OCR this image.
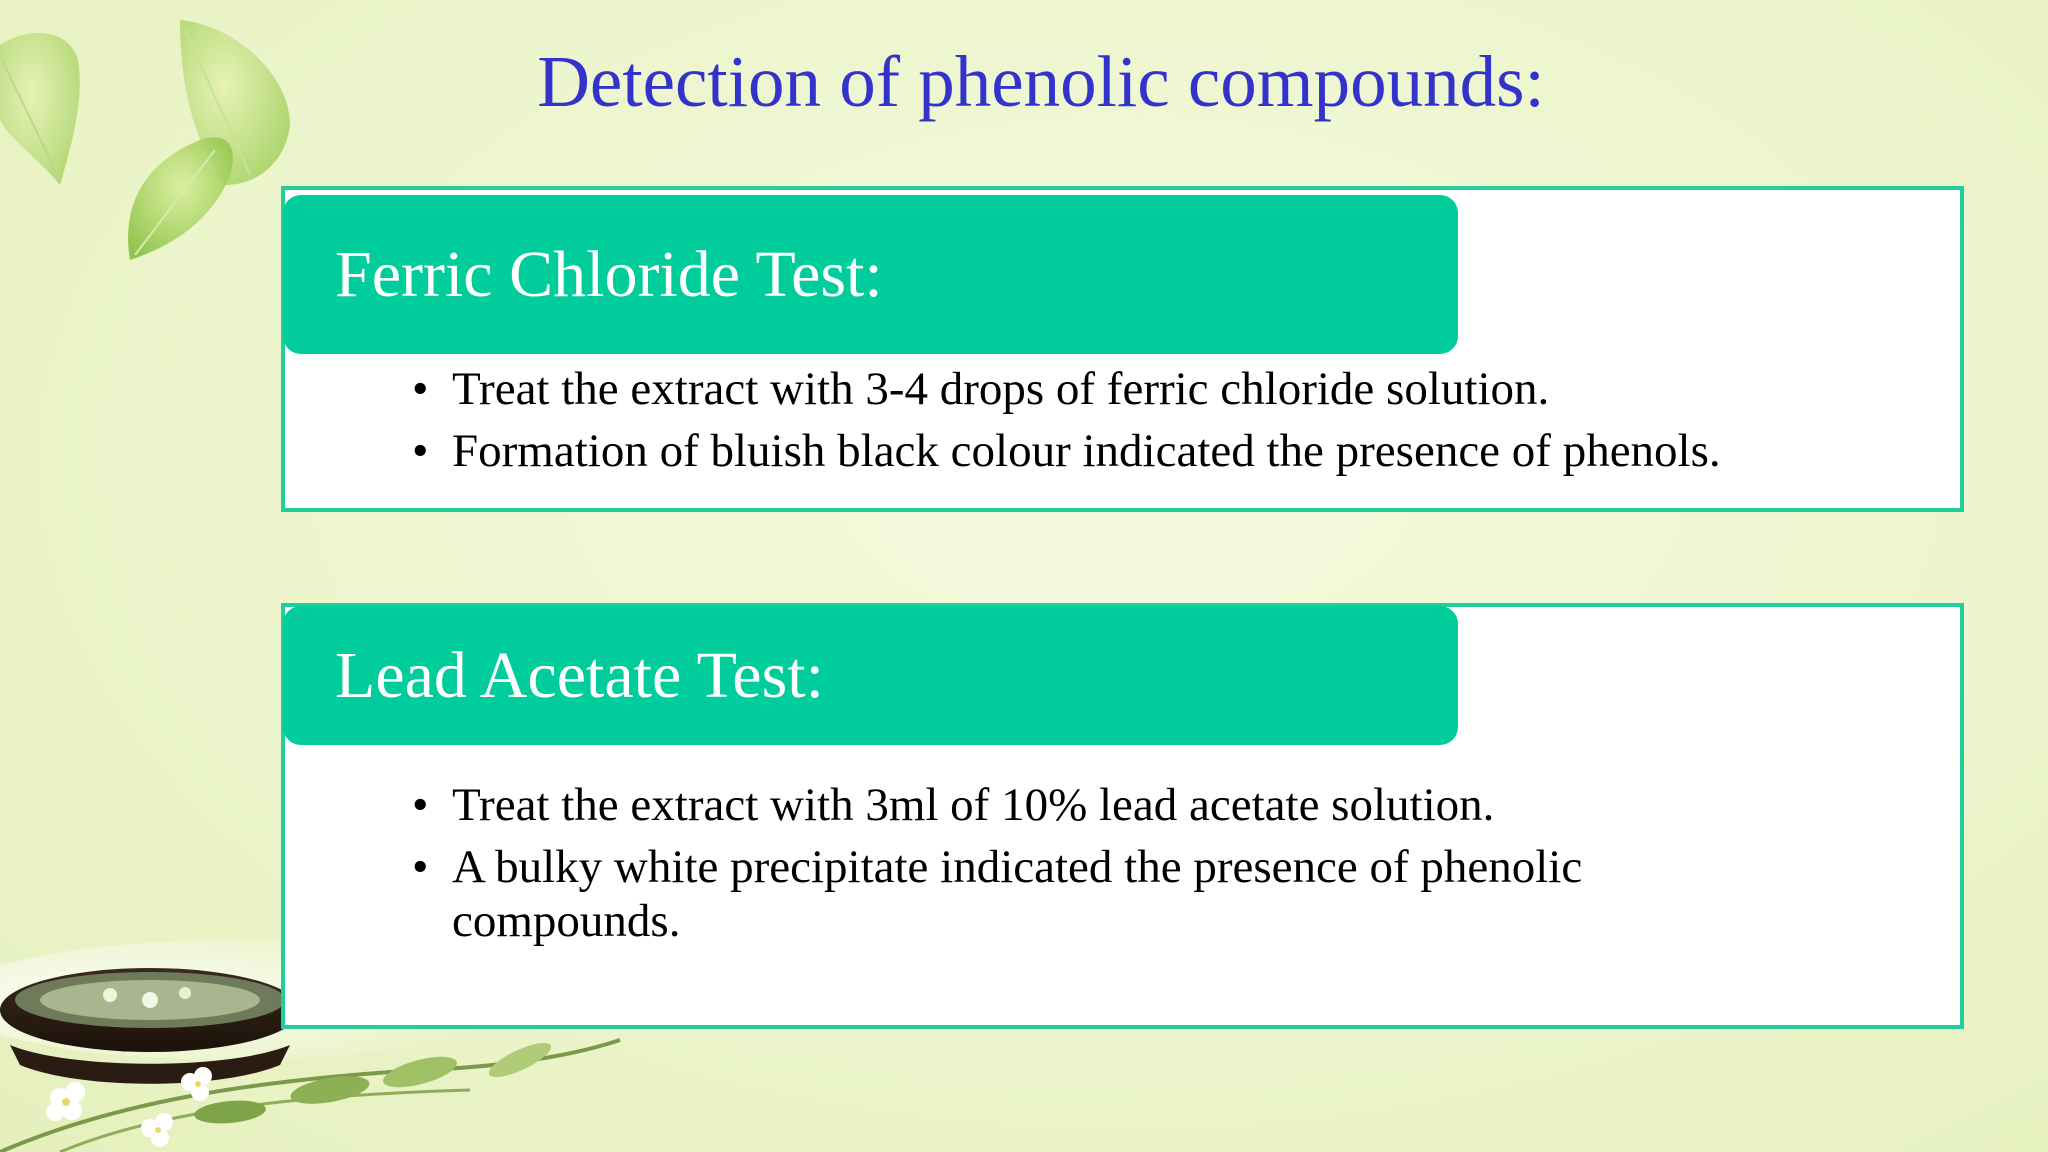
Detection of phenolic compounds:
Ferric Chloride Test:
• Treat the extract with 3-4 drops of ferric chloride solution.
• Formation of bluish black colour indicated the presence of phenols.
Lead Acetate Test:
• Treat the extract with 3ml of 10% lead acetate solution.
• A bulky white precipitate indicated the presence of phenolic compounds.
